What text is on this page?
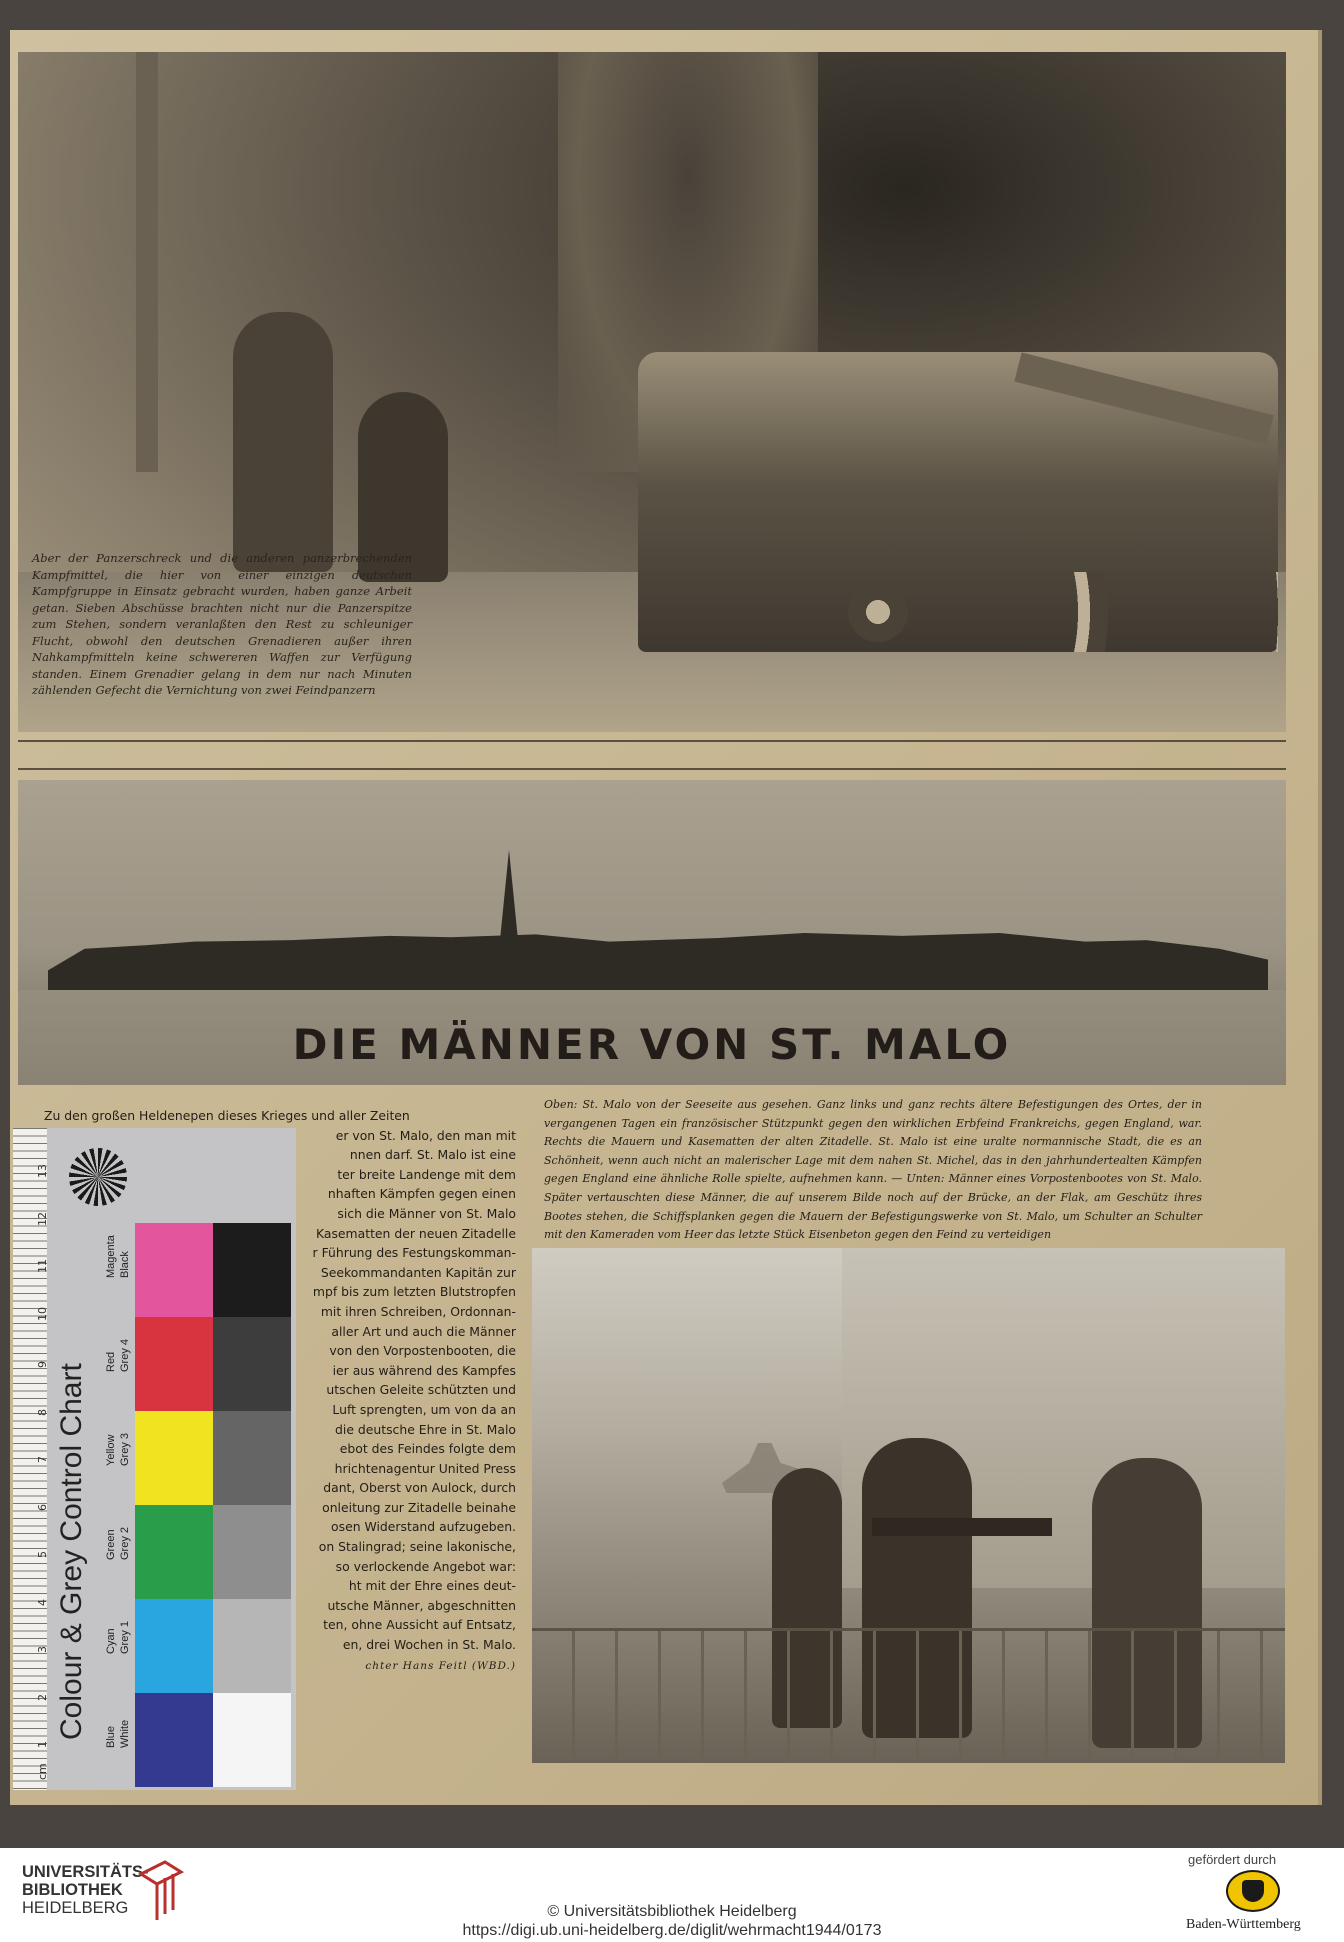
Aber der Panzerschreck und die anderen panzerbrechenden Kampfmittel, die hier von einer einzigen deutschen Kampfgruppe in Einsatz gebracht wurden, haben ganze Arbeit getan. Sieben Abschüsse brachten nicht nur die Panzerspitze zum Stehen, sondern veranlaßten den Rest zu schleuniger Flucht, obwohl den deutschen Grenadieren außer ihren Nahkampfmitteln keine schwereren Waffen zur Verfügung standen. Einem Grenadier gelang in dem nur nach Minuten zählenden Gefecht die Vernichtung von zwei Feindpanzern

DIE MÄNNER VON ST. MALO
Zu den großen Heldenepen dieses Krieges und aller Zeiten
er von St. Malo, den man mit
nnen darf. St. Malo ist eine
ter breite Landenge mit dem
nhaften Kämpfen gegen einen
sich die Männer von St. Malo
Kasematten der neuen Zitadelle
r Führung des Festungskomman-
Seekommandanten Kapitän zur
mpf bis zum letzten Blutstropfen
mit ihren Schreiben, Ordonnan-
aller Art und auch die Männer
von den Vorpostenbooten, die
ier aus während des Kampfes
utschen Geleite schützten und
Luft sprengten, um von da an
die deutsche Ehre in St. Malo
ebot des Feindes folgte dem
hrichtenagentur United Press
dant, Oberst von Aulock, durch
onleitung zur Zitadelle beinahe
osen Widerstand aufzugeben.
on Stalingrad; seine lakonische,
so verlockende Angebot war:
ht mit der Ehre eines deut-
utsche Männer, abgeschnitten
ten, ohne Aussicht auf Entsatz,
en, drei Wochen in St. Malo.

chter Hans Feitl (WBD.)

Oben: St. Malo von der Seeseite aus gesehen. Ganz links und ganz rechts ältere Befestigungen des Ortes, der in vergangenen Tagen ein französischer Stützpunkt gegen den wirklichen Erbfeind Frankreichs, gegen England, war. Rechts die Mauern und Kasematten der alten Zitadelle. St. Malo ist eine uralte normannische Stadt, die es an Schönheit, wenn auch nicht an malerischer Lage mit dem nahen St. Michel, das in den jahrhundertealten Kämpfen gegen England eine ähnliche Rolle spielte, aufnehmen kann. — Unten: Männer eines Vorpostenbootes von St. Malo. Später vertauschten diese Männer, die auf unserem Bilde noch auf der Brücke, an der Flak, am Geschütz ihres Bootes stehen, die Schiffsplanken gegen die Mauern der Befestigungswerke von St. Malo, um Schulter an Schulter mit den Kameraden vom Heer das letzte Stück Eisenbeton gegen den Feind zu verteidigen

cm
1
2
3
4
5
6
7
8
9
10
11
12
13

Colour & Grey Control Chart Blue
Cyan
Green
Yellow
Red
Magenta
White
Grey 1
Grey 2
Grey 3
Grey 4
Black

UNIVERSITÄTS-
BIBLIOTHEK
HEIDELBERG	© Universitätsbibliothek Heidelberg

https://digi.ub.uni-heidelberg.de/diglit/wehrmacht1944/0173

gefördert durch

Baden-Württemberg
